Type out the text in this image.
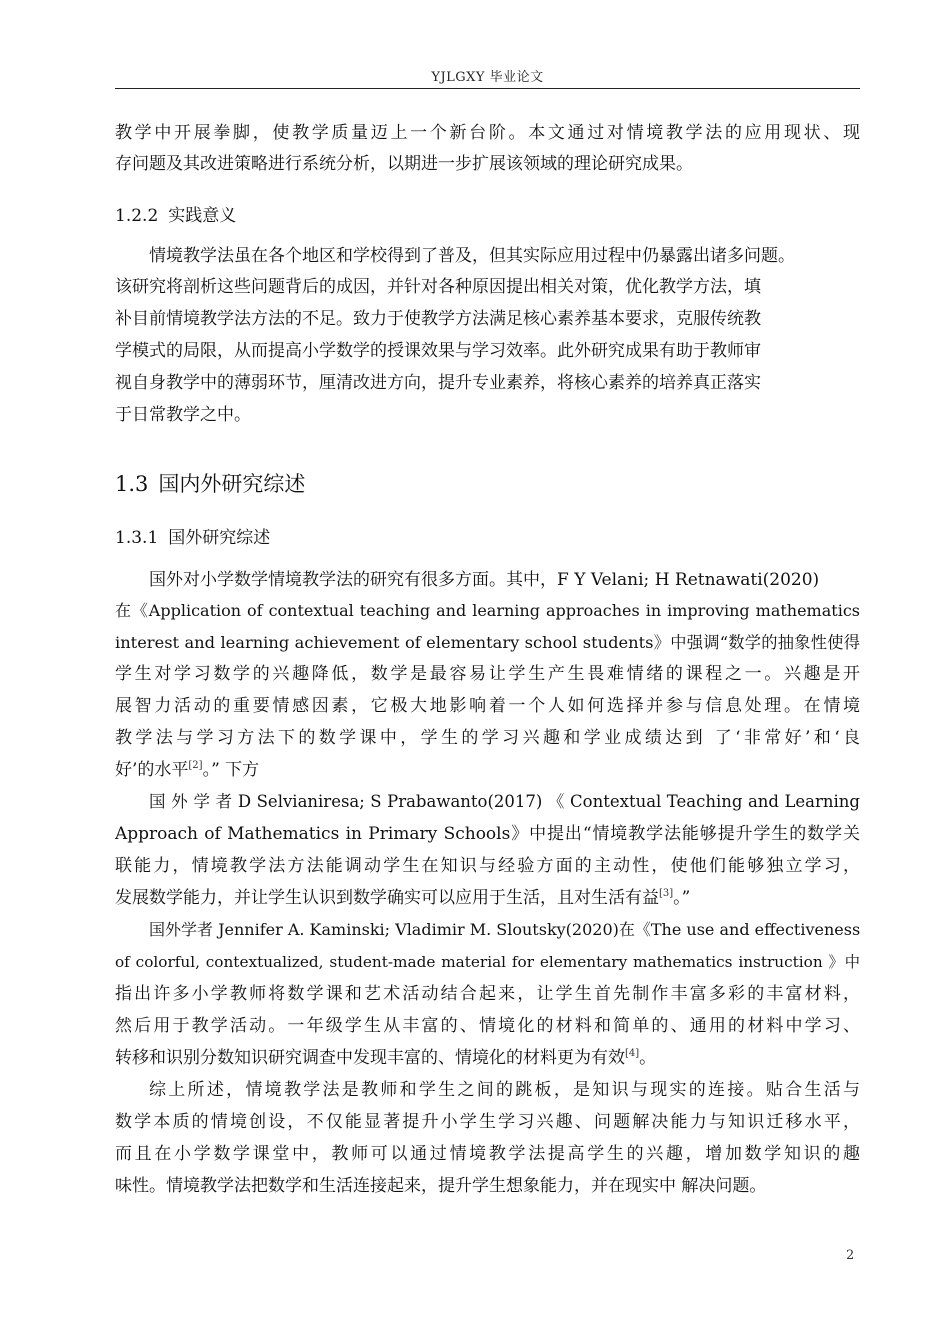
YJLGXY 毕业论文
教学中开展拳脚，使教学质量迈上一个新台阶。本文通过对情境教学法的应用现状、现
存问题及其改进策略进行系统分析，以期进一步扩展该领域的理论研究成果。
1.2.2 实践意义
情境教学法虽在各个地区和学校得到了普及，但其实际应用过程中仍暴露出诸多问题。
该研究将剖析这些问题背后的成因，并针对各种原因提出相关对策，优化教学方法，填
补目前情境教学法方法的不足。致力于使教学方法满足核心素养基本要求，克服传统教
学模式的局限，从而提高小学数学的授课效果与学习效率。此外研究成果有助于教师审
视自身教学中的薄弱环节，厘清改进方向，提升专业素养，将核心素养的培养真正落实
于日常教学之中。
1.3 国内外研究综述
1.3.1 国外研究综述
国外对小学数学情境教学法的研究有很多方面。其中，F Y Velani; H Retnawati(2020)
在《Application of contextual teaching and learning approaches in improving mathematics
interest and learning achievement of elementary school students》中强调“数学的抽象性使得
学生对学习数学的兴趣降低，数学是最容易让学生产生畏难情绪的课程之一。兴趣是开
展智力活动的重要情感因素，它极大地影响着一个人如何选择并参与信息处理。在情境
教学法与学习方法下的数学课中，学生的学习兴趣和学业成绩达到 了‘非常好’和‘良
好’的水平[2]。” 下方
国 外 学 者 D Selvianiresa; S Prabawanto(2017) 《 Contextual Teaching and Learning
Approach of Mathematics in Primary Schools》中提出“情境教学法能够提升学生的数学关
联能力，情境教学法方法能调动学生在知识与经验方面的主动性，使他们能够独立学习，
发展数学能力，并让学生认识到数学确实可以应用于生活，且对生活有益[3]。”
国外学者 Jennifer A. Kaminski; Vladimir M. Sloutsky(2020)在《The use and effectiveness
of colorful, contextualized, student-made material for elementary mathematics instruction 》中
指出许多小学教师将数学课和艺术活动结合起来，让学生首先制作丰富多彩的丰富材料，
然后用于教学活动。一年级学生从丰富的、情境化的材料和简单的、通用的材料中学习、
转移和识别分数知识研究调查中发现丰富的、情境化的材料更为有效[4]。
综上所述，情境教学法是教师和学生之间的跳板，是知识与现实的连接。贴合生活与
数学本质的情境创设，不仅能显著提升小学生学习兴趣、问题解决能力与知识迁移水平，
而且在小学数学课堂中，教师可以通过情境教学法提高学生的兴趣，增加数学知识的趣
味性。情境教学法把数学和生活连接起来，提升学生想象能力，并在现实中 解决问题。
2
